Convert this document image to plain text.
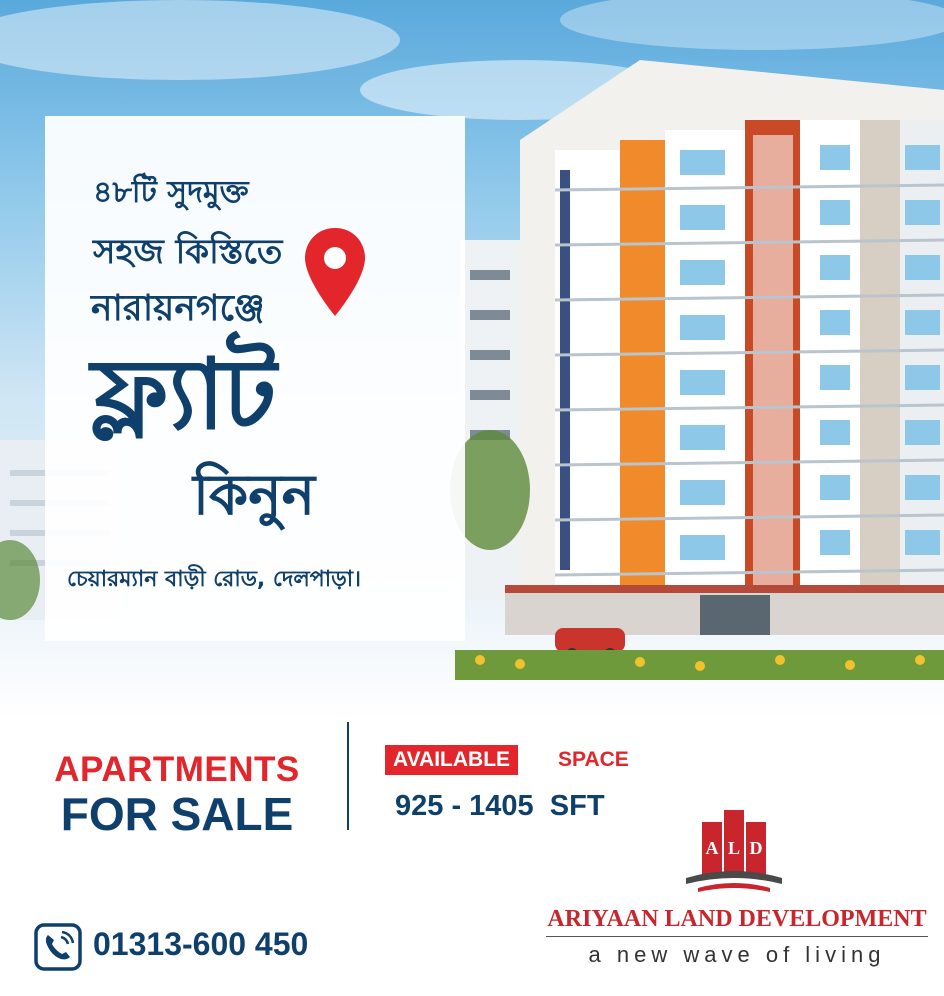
৪৮টি সুদমুক্ত
সহজ কিস্তিতে
নারায়নগঞ্জে
ফ্ল্যাট
কিনুন
চেয়ারম্যান বাড়ী রোড, দেলপাড়া।
APARTMENTS
FOR SALE
AVAILABLE	SPACE
925 - 1405  SFT
01313-600 450
A L D
ARIYAAN LAND DEVELOPMENT
a new wave of living
